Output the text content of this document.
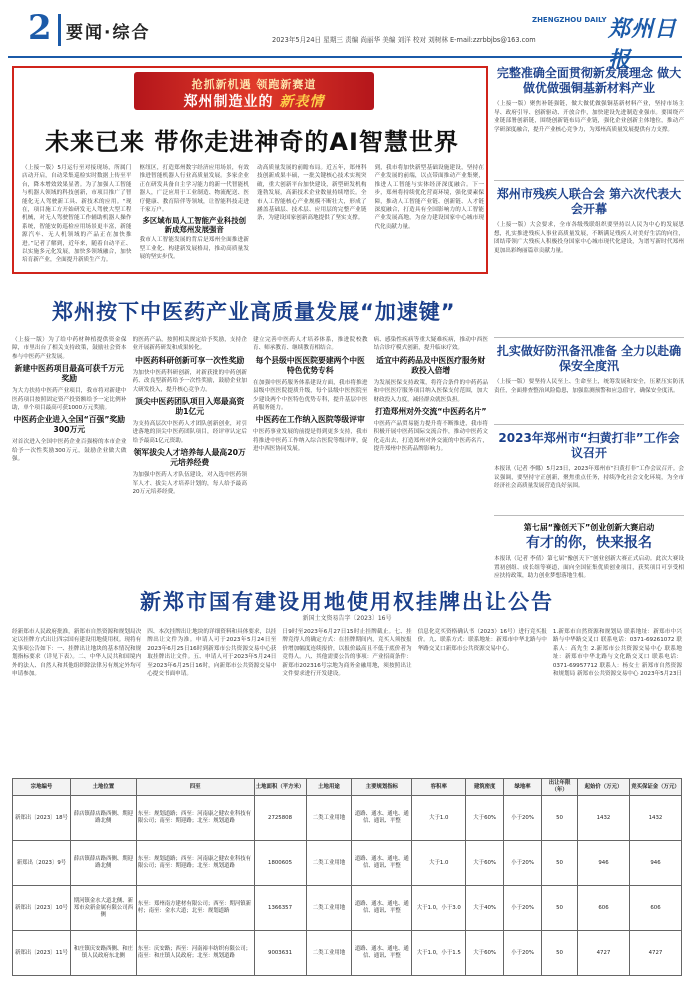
2 要闻·综合	2023年5月24日 星期三 责编 尚丽华 美编 刘洋 校对 刘树林 E-mail:zzrbbjbs@163.com
ZHENGZHOU DAILY 郑州日报
抢抓新机遇 领跑新赛道
郑州制造业的 新表情
未来已来 带你走进神奇的AI智慧世界
（上接一版）5月运行至对接现场，所属门店动开启，自动采集巡检实时数据上传至平台，降本增效效果显著。为了加强人工智能与机器人领域的科技创新，市项目推广了智能化无人驾驶新工具、新技术的应用。“现在，项目施工方开始研发无人驾驶大型工程机械，对无人驾驶智能工作辅助机器人操作系统，智能安防巡检应用场景更丰富，新能源汽车、无人机领域的产品正在加快推进。”记者了解到，近年来，随着自动平正、以实施多元化发展，加快多领域融合，加快培育新产业，全面提升新质生产力。
枢纽区，打造郑州数字经济应用场景，有效推进智能机器人行业高质量发展。多家企业正在研发具备自主学习能力的新一代智能机器人，广泛应用于工业制造、物流配送、医疗健康、教育陪伴等领域，让智能科技走进千家万户。
多区域布局人工智能产业科技创新成郑州发展强音
我市人工智能发展的背后是郑州全面推进新型工业化、构建新发展格局，推动高质量发展的坚实步伐。
动高质量发展的前瞻布局。近五年，郑州科技创新成果丰硕，一批关键核心技术实现突破，重大创新平台加快建设，新型研发机构蓬勃发展，高新技术企业数量持续增长。全市人工智能核心产业规模不断壮大，形成了涵盖基础层、技术层、应用层的完整产业链条，为建设国家创新高地提供了坚实支撑。
到，我市将加快新型基础设施建设，坚持在产业发展的前端，以点带面推动产业集聚，推进人工智能与实体经济深度融合。下一步，郑州将持续优化营商环境，强化要素保障，推动人工智能产业链、创新链、人才链深度融合，打造具有全国影响力的人工智能产业发展高地，为奋力建设国家中心城市现代化贡献力量。
完整准确全面贯彻新发展理念 做大做优做强铜基新材料产业
（上接一版）聚焦补链强链，做大做优做强铜基新材料产业，坚持市场主导、政府引导、创新驱动、开放合作，加快建设先进制造业强市。要围绕产业链部署创新链，围绕创新链布局产业链，强化企业创新主体地位，推动产学研深度融合，提升产业核心竞争力，为郑州高质量发展提供有力支撑。
郑州市残疾人联合会 第六次代表大会开幕
（上接一版）大会要求，全市各级残联组织要坚持以人民为中心的发展思想，扎实推进残疾人事业高质量发展，不断满足残疾人对美好生活的向往，团结带领广大残疾人积极投身国家中心城市现代化建设，为谱写新时代郑州更加出彩绚丽篇章贡献力量。
扎实做好防汛备汛准备 全力以赴确保安全度汛
（上接一版）要坚持人民至上、生命至上，统筹发展和安全，压紧压实防汛责任，全面排查整治风险隐患，加强监测预警和应急值守，确保安全度汛。
2023年郑州市“扫黄打非”工作会议召开
本报讯（记者 李娜）5月23日，2023年郑州市“扫黄打非”工作会议召开。会议强调，要坚持守正创新，聚焦重点任务，持续净化社会文化环境，为全市经济社会高质量发展营造良好氛围。
第七届“豫创天下”创业创新大赛启动
有才的你，快来报名
本报讯（记者 李倩）第七届“豫创天下”创业创新大赛正式启动。此次大赛设置初创组、成长组等赛道，面向全国征集优质创业项目，获奖项目可享受相应扶持政策，助力创业梦想落地生根。
郑州按下中医药产业高质量发展“加速键”
（上接一版）为了给中药材种植提供资金保障，市里出台了相关支持政策，鼓励社会资本参与中医药产业发展。
新建中医药项目最高可获千万元奖励
为大力扶持中医药产业项目，我市将对新建中医药项目按照固定资产投资额给予一定比例补助，单个项目最高可获1000万元奖励。
中医药企业进入全国“百强”奖励300万元
对首次进入全国中医药企业百强榜的本市企业给予一次性奖励300万元，鼓励企业做大做强。
的医药产品，按照相关规定给予奖励，支持企业开展新药研发和成果转化。
中医药科研创新可享一次性奖励
为加快中医药科研创新，对新获批的中药创新药、改良型新药给予一次性奖励，鼓励企业加大研发投入，提升核心竞争力。
顶尖中医药团队项目入郑最高资助1亿元
为支持高层次中医药人才团队创新创业，对引进落地的顶尖中医药团队项目，经评审认定后给予最高1亿元资助。
领军拔尖人才培养每人最高20万元培养经费
为加强中医药人才队伍建设，对入选中医药领军人才、拔尖人才培养计划的，每人给予最高20万元培养经费。
建立完善中医药人才培养体系，推进院校教育、师承教育、继续教育相结合。
每个县级中医医院要建两个中医特色优势专科
在加强中医药服务体系建设方面，我市将推进县级中医医院提质升级，每个县级中医医院至少建设两个中医特色优势专科，提升基层中医药服务能力。
中医药在工作纳入医院等级评审
中医药事业发展的前提是得到更多支持，我市将推进中医药工作纳入综合医院等级评审，促进中西医协同发展。
病、感染性疾病等重大疑难疾病，推动中西医结合诊疗模式创新，提升临床疗效。
适宜中药药品及中医医疗服务财政投入倍增
为发展医保支持政策，将符合条件的中药药品和中医医疗服务项目纳入医保支付范围，加大财政投入力度，减轻群众就医负担。
打造郑州对外交流“中医药名片”
中医药产品贸易能力提升将不断推进，我市将积极开展中医药国际交流合作，推动中医药文化走出去，打造郑州对外交流的中医药名片，提升郑州中医药品牌影响力。
新郑市国有建设用地使用权挂牌出让公告
新国土文资易告字〔2023〕16号
经新郑市人民政府批准，新郑市自然资源和规划局决定以挂牌方式出让四宗国有建设用地使用权。现将有关事项公告如下：一、挂牌出让地块的基本情况和规划指标要求（详见下表）。二、中华人民共和国境内外的法人、自然人和其他组织除法律另有规定外均可申请参加。
四、本次挂牌出让地块的详细资料和具体要求，以挂牌出让文件为准。申请人可于2023年5月24日至2023年6月25日16时到新郑市公共资源交易中心获取挂牌出让文件。五、申请人可于2023年5月24日至2023年6月25日16时，向新郑市公共资源交易中心提交书面申请。
日9时至2023年6月27日15时止挂牌截止。七、挂牌竞得人的确定方式：在挂牌期间内，竞买人须按报价增加幅度连续报价，以报价最高且不低于底价者为竞得人。八、其他需要公告的事项：产业招商条件：新郑市202316号宗地为商务金融用地，须按照出让文件要求进行开发建设。
信息化竞买资格确认书（2023）16号）进行竞买报价。九、联系方式：联系地址：新郑市中华北路与中华路交叉口新郑市公共资源交易中心。
1.新郑市自然资源和规划局 联系地址：新郑市中兴路与中华路交叉口 联系电话：0371-69261072 联系人：高先生 2.新郑市公共资源交易中心 联系地址：新郑市中华北路与文化路交叉口 联系电话：0371-69957712 联系人：杨女士 新郑市自然资源和规划局 新郑市公共资源交易中心 2023年5月23日
宗地编号	土地位置	四至	土地面积（平方米）	土地用途	主要规划指标	容积率	建筑密度	绿地率	出让年限（年）	起始价（万元）	竞买保证金（万元）
新郑出〔2023〕18号	薛店镇薛店路西侧、期迎路北侧	东至：规划道路；西至：河南康之健农业科技有限公司；南至：期迎路；北至：规划道路	2725808	二类工业用地	道路、通水、通电、通信、通讯、平整	大于1.0	大于60%	小于20%	50	1432	1432
新郑出〔2023〕9号	薛店镇薛店路西侧、期迎路北侧	东至：规划道路；西至：河南康之健农业科技有限公司；南至：期迎路；北至：规划道路	1800605	二类工业用地	道路、通水、通电、通信、通讯、平整	大于1.0	大于60%	小于20%	50	946	946
新郑出〔2023〕10号	期河镇金水大道北侧、新郑市众新金属有限公司西侧	东至：郑州南方建材有限公司；西至：期河镇新村；南至：金水大道；北至：规划道路	1366357	二类工业用地	道路、通水、通电、通信、通讯、平整	大于1.0，小于3.0	大于40%	小于20%	50	606	606
新郑出〔2023〕11号	和庄镇庆安路西侧、和庄镇人民政府东北侧	东至：庆安路；西至：河南裕丰纺织有限公司；南至：和庄镇人民政府；北至：规划道路	9003631	二类工业用地	道路、通水、通电、通信、通讯、平整	大于1.0，小于1.5	大于60%	小于20%	50	4727	4727
